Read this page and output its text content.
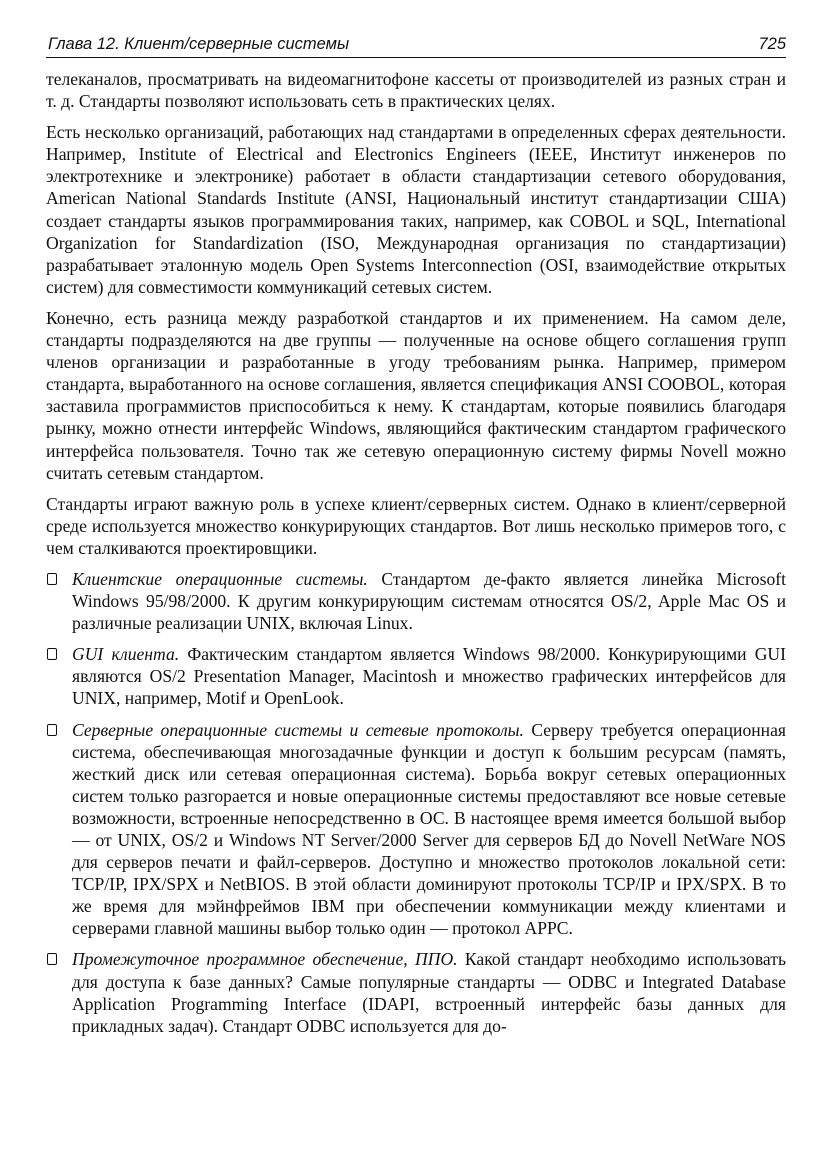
Глава 12. Клиент/серверные системы	725

телеканалов, просматривать на видеомагнитофоне кассеты от производителей из разных стран и т. д. Стандарты позволяют использовать сеть в практических целях.

Есть несколько организаций, работающих над стандартами в определенных сферах деятельности. Например, Institute of Electrical and Electronics Engineers (IEEE, Институт инженеров по электротехнике и электронике) работает в области стандартизации сетевого оборудования, American National Standards Institute (ANSI, Национальный институт стандартизации США) создает стандарты языков программирования таких, например, как COBOL и SQL, International Organization for Standardization (ISO, Международная организация по стандартизации) разрабатывает эталонную модель Open Systems Interconnection (OSI, взаимодействие открытых систем) для совместимости коммуникаций сетевых систем.

Конечно, есть разница между разработкой стандартов и их применением. На самом деле, стандарты подразделяются на две группы — полученные на основе общего соглашения групп членов организации и разработанные в угоду требованиям рынка. Например, примером стандарта, выработанного на основе соглашения, является спецификация ANSI COOBOL, которая заставила программистов приспособиться к нему. К стандартам, которые появились благодаря рынку, можно отнести интерфейс Windows, являющийся фактическим стандартом графического интерфейса пользователя. Точно так же сетевую операционную систему фирмы Novell можно считать сетевым стандартом.

Стандарты играют важную роль в успехе клиент/серверных систем. Однако в клиент/серверной среде используется множество конкурирующих стандартов. Вот лишь несколько примеров того, с чем сталкиваются проектировщики.

Клиентские операционные системы. Стандартом де-факто является линейка Microsoft Windows 95/98/2000. К другим конкурирующим системам относятся OS/2, Apple Mac OS и различные реализации UNIX, включая Linux.
GUI клиента. Фактическим стандартом является Windows 98/2000. Конкурирующими GUI являются OS/2 Presentation Manager, Macintosh и множество графических интерфейсов для UNIX, например, Motif и OpenLook.
Серверные операционные системы и сетевые протоколы. Серверу требуется операционная система, обеспечивающая многозадачные функции и доступ к большим ресурсам (память, жесткий диск или сетевая операционная система). Борьба вокруг сетевых операционных систем только разгорается и новые операционные системы предоставляют все новые сетевые возможности, встроенные непосредственно в ОС. В настоящее время имеется большой выбор — от UNIX, OS/2 и Windows NT Server/2000 Server для серверов БД до Novell NetWare NOS для серверов печати и файл-серверов. Доступно и множество протоколов локальной сети: TCP/IP, IPX/SPX и NetBIOS. В этой области доминируют протоколы TCP/IP и IPX/SPX. В то же время для мэйнфреймов IBM при обеспечении коммуникации между клиентами и серверами главной машины выбор только один — протокол APPC.
Промежуточное программное обеспечение, ППО. Какой стандарт необходимо использовать для доступа к базе данных? Самые популярные стандарты — ODBC и Integrated Database Application Programming Interface (IDAPI, встроенный интерфейс базы данных для прикладных задач). Стандарт ODBC используется для до-
